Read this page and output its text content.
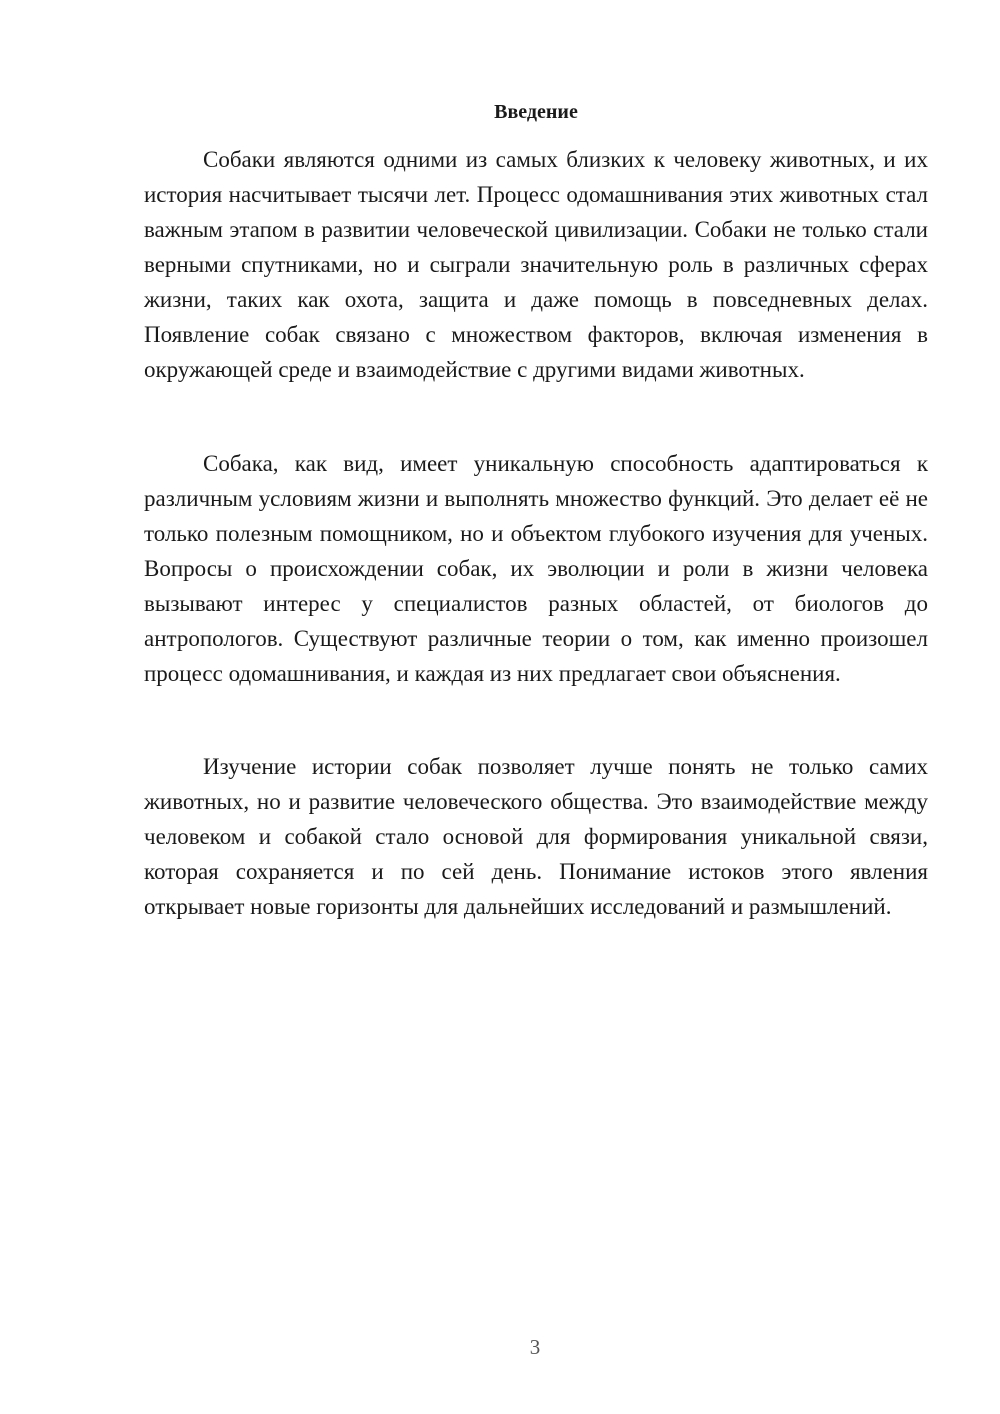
Введение

Собаки являются одними из самых близких к человеку животных, и их история насчитывает тысячи лет. Процесс одомашнивания этих животных стал важным этапом в развитии человеческой цивилизации. Собаки не только стали верными спутниками, но и сыграли значительную роль в различных сферах жизни, таких как охота, защита и даже помощь в повседневных делах. Появление собак связано с множеством факторов, включая изменения в окружающей среде и взаимодействие с другими видами животных.

Собака, как вид, имеет уникальную способность адаптироваться к различным условиям жизни и выполнять множество функций. Это делает её не только полезным помощником, но и объектом глубокого изучения для ученых. Вопросы о происхождении собак, их эволюции и роли в жизни человека вызывают интерес у специалистов разных областей, от биологов до антропологов. Существуют различные теории о том, как именно произошел процесс одомашнивания, и каждая из них предлагает свои объяснения.

Изучение истории собак позволяет лучше понять не только самих животных, но и развитие человеческого общества. Это взаимодействие между человеком и собакой стало основой для формирования уникальной связи, которая сохраняется и по сей день. Понимание истоков этого явления открывает новые горизонты для дальнейших исследований и размышлений.

3
